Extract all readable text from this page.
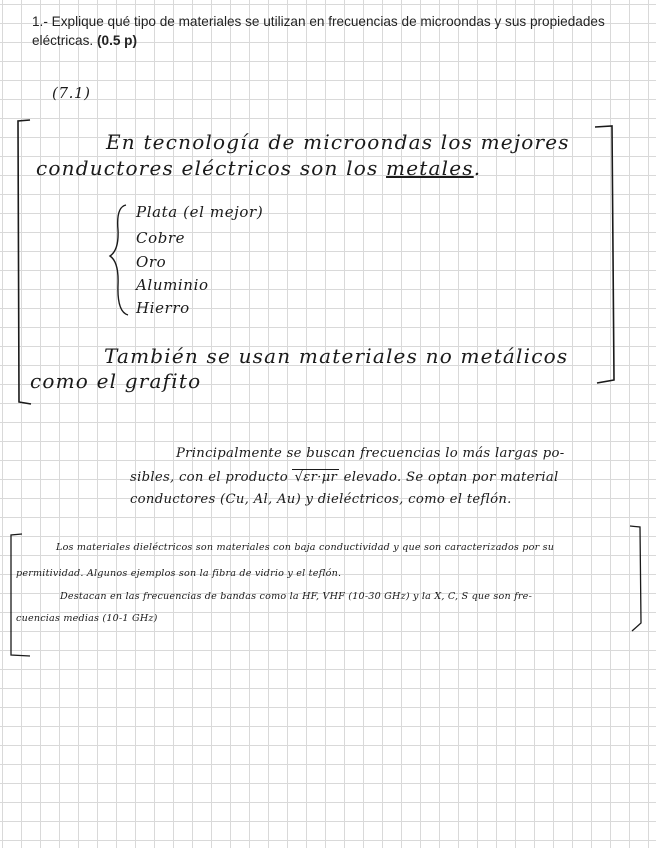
1.- Explique qué tipo de materiales se utilizan en frecuencias de microondas y sus propiedades eléctricas. (0.5 p)
(7.1)
En tecnología de microondas los mejores
conductores eléctricos son los metales.
Plata (el mejor)
Cobre
Oro
Aluminio
Hierro
También se usan materiales no metálicos
como el grafito
Principalmente se buscan frecuencias lo más largas po-
sibles, con el producto √ εr·μr elevado. Se optan por material
conductores (Cu, Al, Au) y dieléctricos, como el teflón.
Los materiales dieléctricos son materiales con baja conductividad y que son caracterizados por su
permitividad. Algunos ejemplos son la fibra de vidrio y el teflón.
Destacan en las frecuencias de bandas como la HF, VHF (10-30 GHz) y la X, C, S que son fre-
cuencias medias (10-1 GHz)
